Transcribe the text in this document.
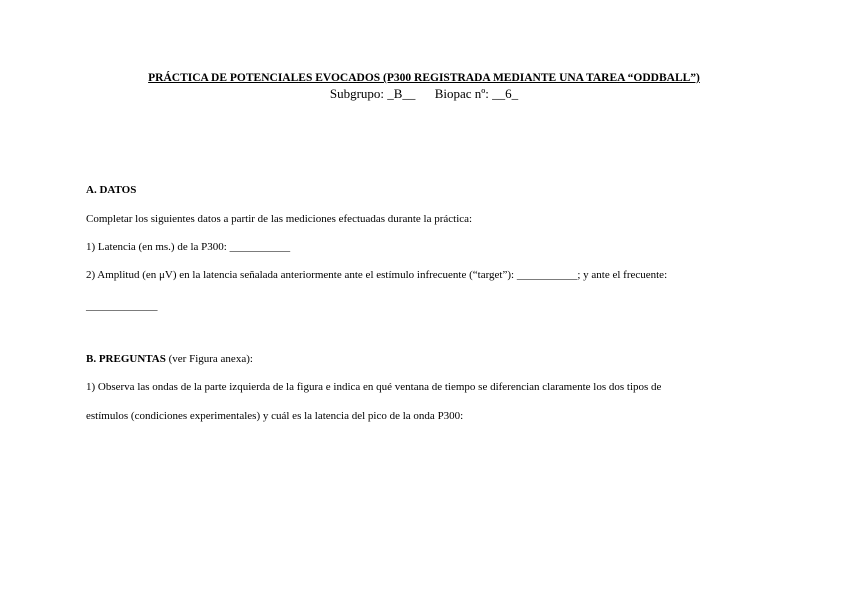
PRÁCTICA DE POTENCIALES EVOCADOS (P300 REGISTRADA MEDIANTE UNA TAREA “ODDBALL”)
Subgrupo: _B__ Biopac nº: __6_
A. DATOS
Completar los siguientes datos a partir de las mediciones efectuadas durante la práctica:
1) Latencia (en ms.) de la P300: ___________
2) Amplitud (en μV) en la latencia señalada anteriormente ante el estímulo infrecuente (“target”): ___________; y ante el frecuente:
_____________
B. PREGUNTAS (ver Figura anexa):
1) Observa las ondas de la parte izquierda de la figura e indica en qué ventana de tiempo se diferencian claramente los dos tipos de
estímulos (condiciones experimentales) y cuál es la latencia del pico de la onda P300:
